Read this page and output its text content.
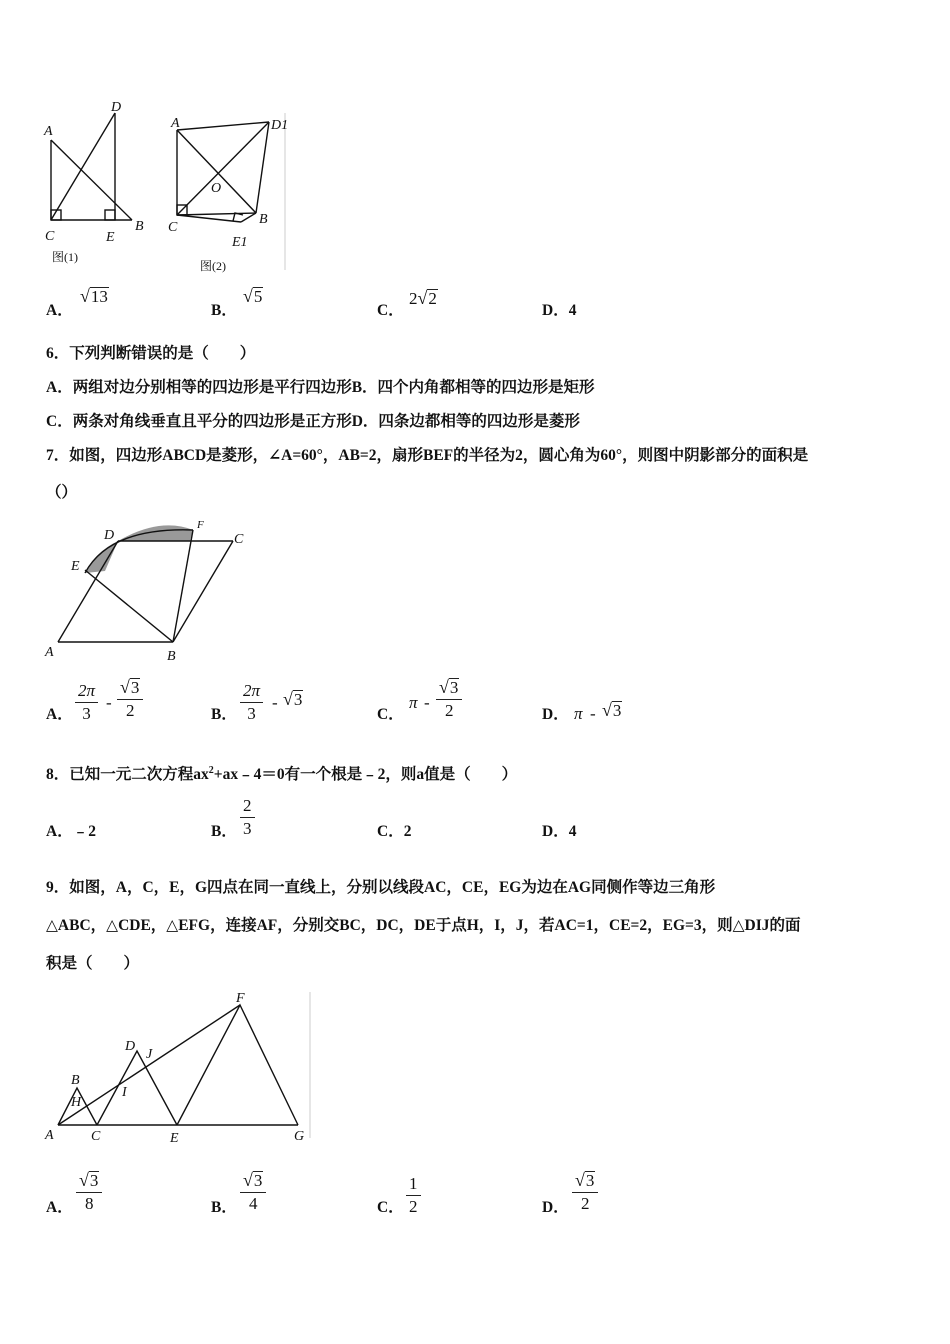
A
D
C	E
B
图(1)
A	D1
O
C
B
E1
图(2)
A．
√ 13
B．
√ 5
C．
2 √ 2
D．4
6．下列判断错误的是（　　）
A．两组对边分别相等的四边形是平行四边形B．四个内角都相等的四边形是矩形
C．两条对角线垂直且平分的四边形是正方形D．四条边都相等的四边形是菱形
7．如图，四边形ABCD是菱形，∠A=60°，AB=2，扇形BEF的半径为2，圆心角为60°，则图中阴影部分的面积是
（）
D
F
C
E
A	B
A． $\frac{2\pi}{3} - \frac{√ 3}{2}$	B． $\frac{2\pi}{3}$ - √ 3
C．
π - $\frac{√ 3}{2}$	D． π - √ 3
8．已知一元二次方程$ax^2+ax﹣4=0$有一个根是﹣2，则a值是（　　）
A．﹣2	B． $\frac{2}{3}$	C．2	D．4
9．如图，A，C，E，G四点在同一直线上，分别以线段AC，CE，EG为边在AG同侧作等边三角形
△ABC，△CDE，△EFG，连接AF，分别交BC，DC，DE于点H，I，J，若AC=1，CE=2，EG=3，则△DIJ的面
积是（　　）
F
D
J
B
H
I
A	C	E	G
A． $\frac{√ 3}{8}$	B． $\frac{√ 3}{4}$	C． $\frac{1}{2}$	D． $\frac{√ 3}{2}$
